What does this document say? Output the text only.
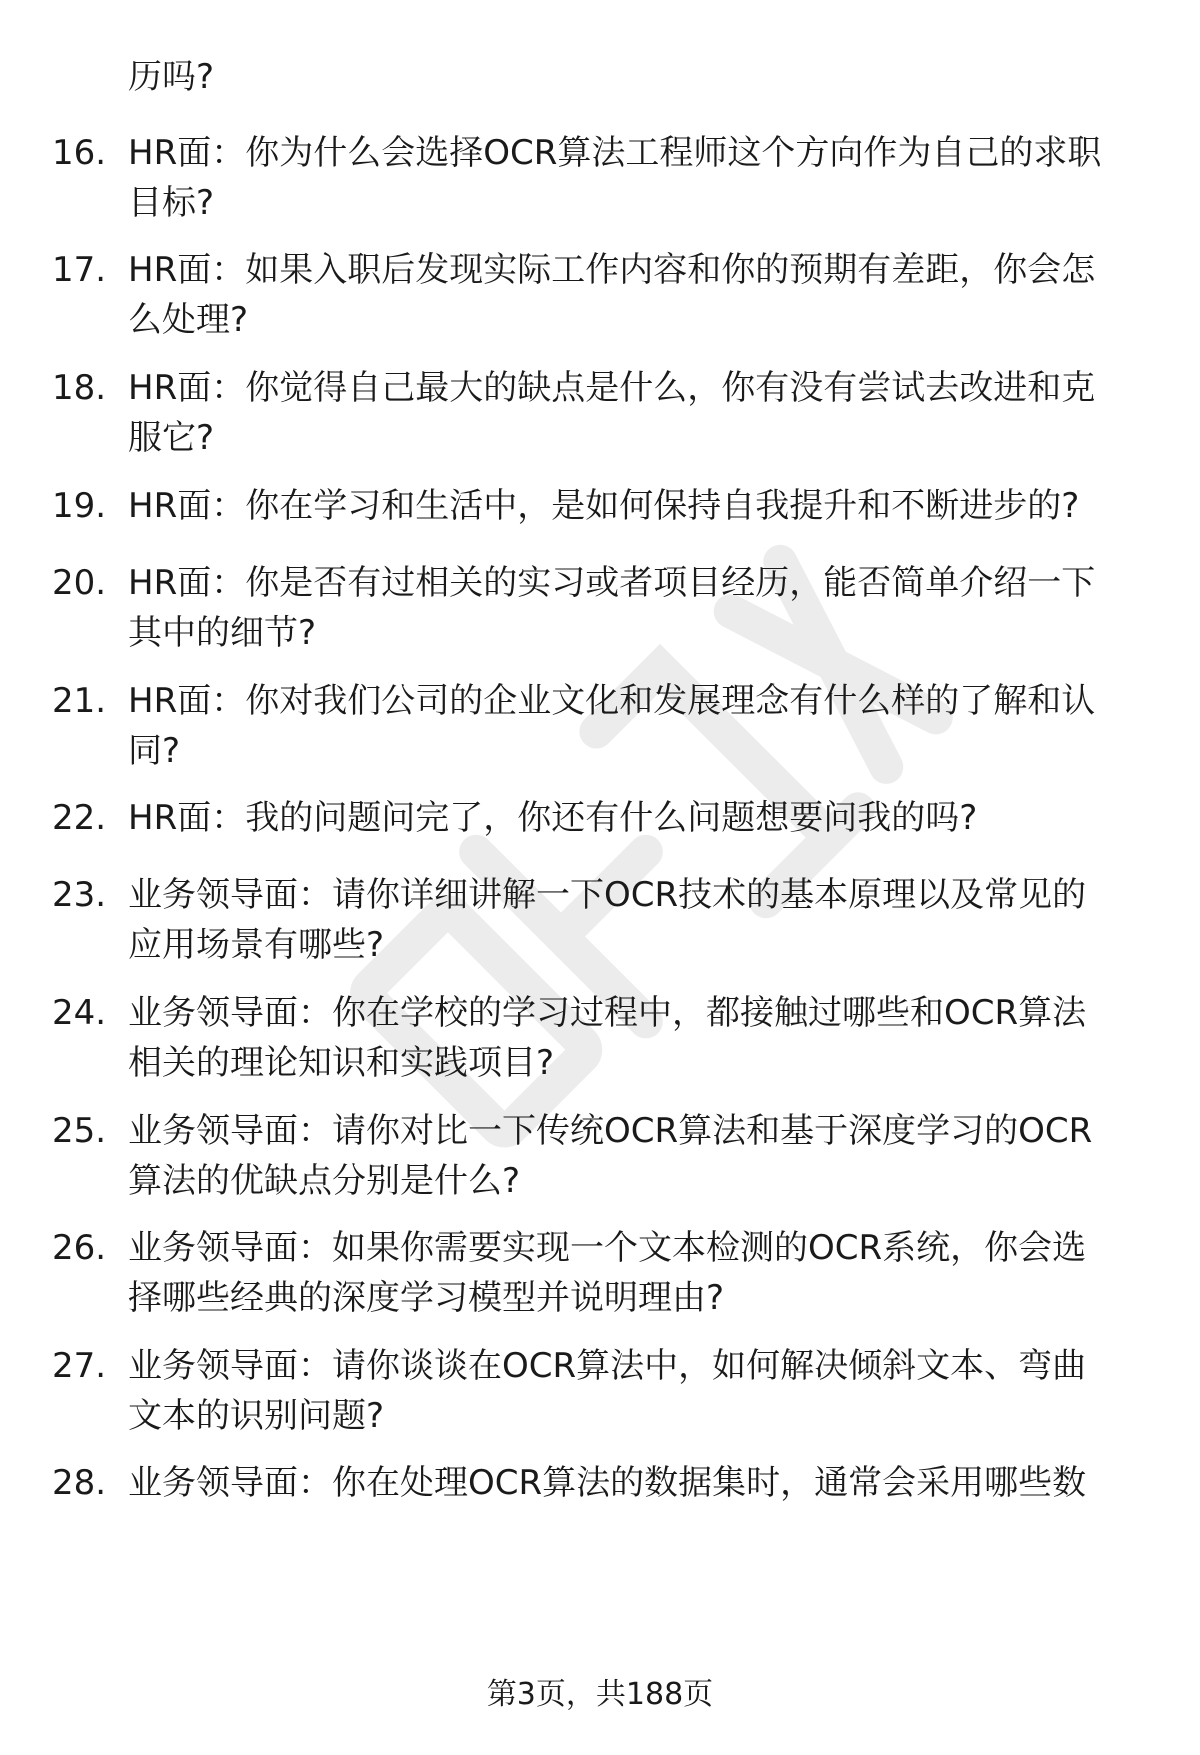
历吗?
16. HR面：你为什么会选择OCR算法工程师这个方向作为自己的求职
目标?
17. HR面：如果入职后发现实际工作内容和你的预期有差距，你会怎
么处理?
18. HR面：你觉得自己最大的缺点是什么，你有没有尝试去改进和克
服它?
19. HR面：你在学习和生活中，是如何保持自我提升和不断进步的?
20. HR面：你是否有过相关的实习或者项目经历，能否简单介绍一下
其中的细节?
21. HR面：你对我们公司的企业文化和发展理念有什么样的了解和认
同?
22. HR面：我的问题问完了，你还有什么问题想要问我的吗?
23. 业务领导面：请你详细讲解一下OCR技术的基本原理以及常见的
应用场景有哪些?
24. 业务领导面：你在学校的学习过程中，都接触过哪些和OCR算法
相关的理论知识和实践项目?
25. 业务领导面：请你对比一下传统OCR算法和基于深度学习的OCR
算法的优缺点分别是什么?
26. 业务领导面：如果你需要实现一个文本检测的OCR系统，你会选
择哪些经典的深度学习模型并说明理由?
27. 业务领导面：请你谈谈在OCR算法中，如何解决倾斜文本、弯曲
文本的识别问题?
28. 业务领导面：你在处理OCR算法的数据集时，通常会采用哪些数
第3页，共188页
